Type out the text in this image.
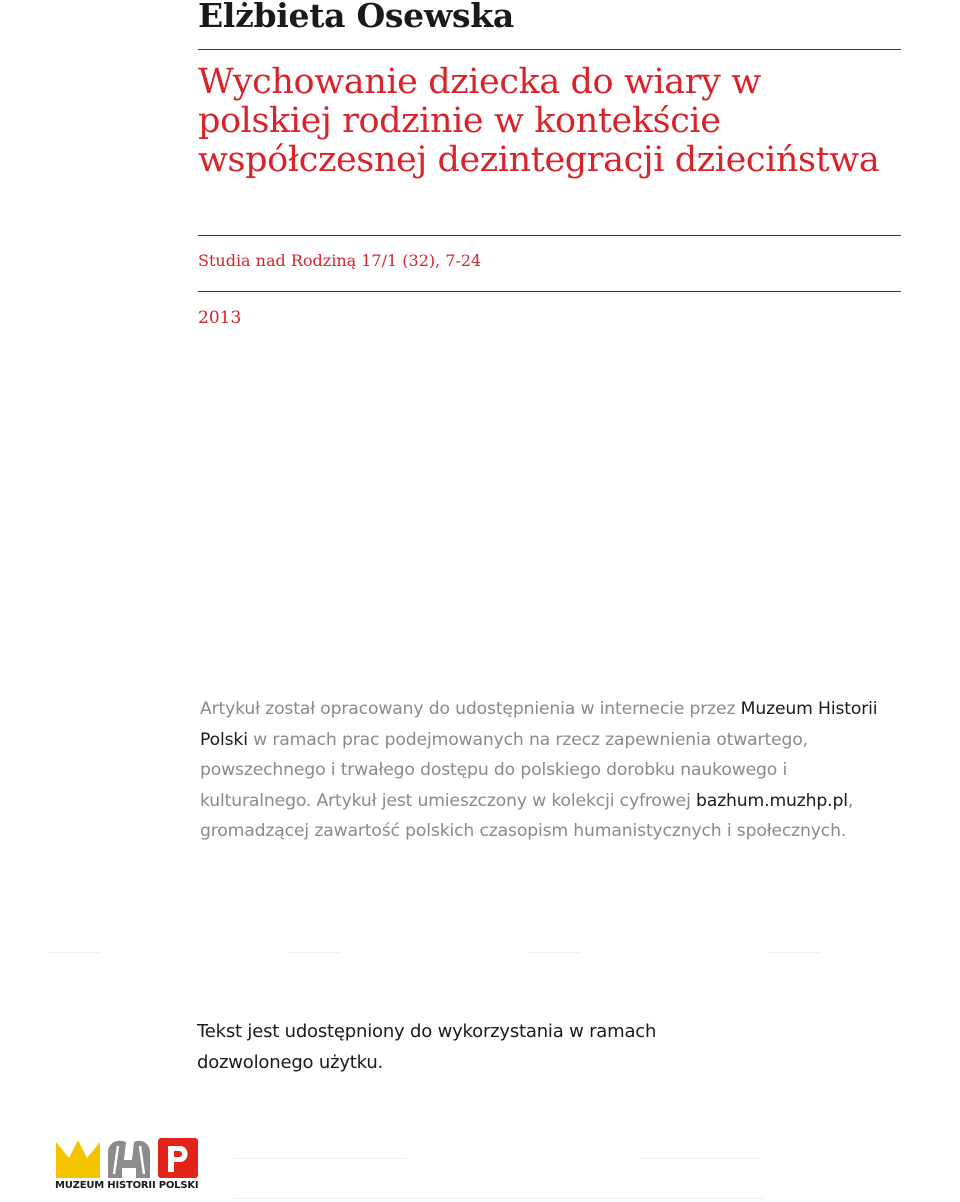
Elżbieta Osewska
Wychowanie dziecka do wiary w polskiej rodzinie w kontekście współczesnej dezintegracji dzieciństwa

Studia nad Rodziną 17/1 (32), 7-24

2013

Artykuł został opracowany do udostępnienia w internecie przez Muzeum Historii Polski w ramach prac podejmowanych na rzecz zapewnienia otwartego, powszechnego i trwałego dostępu do polskiego dorobku naukowego i kulturalnego. Artykuł jest umieszczony w kolekcji cyfrowej bazhum.muzhp.pl, gromadzącej zawartość polskich czasopism humanistycznych i społecznych.

Tekst jest udostępniony do wykorzystania w ramach dozwolonego użytku.

MUZEUM HISTORII POLSKI
